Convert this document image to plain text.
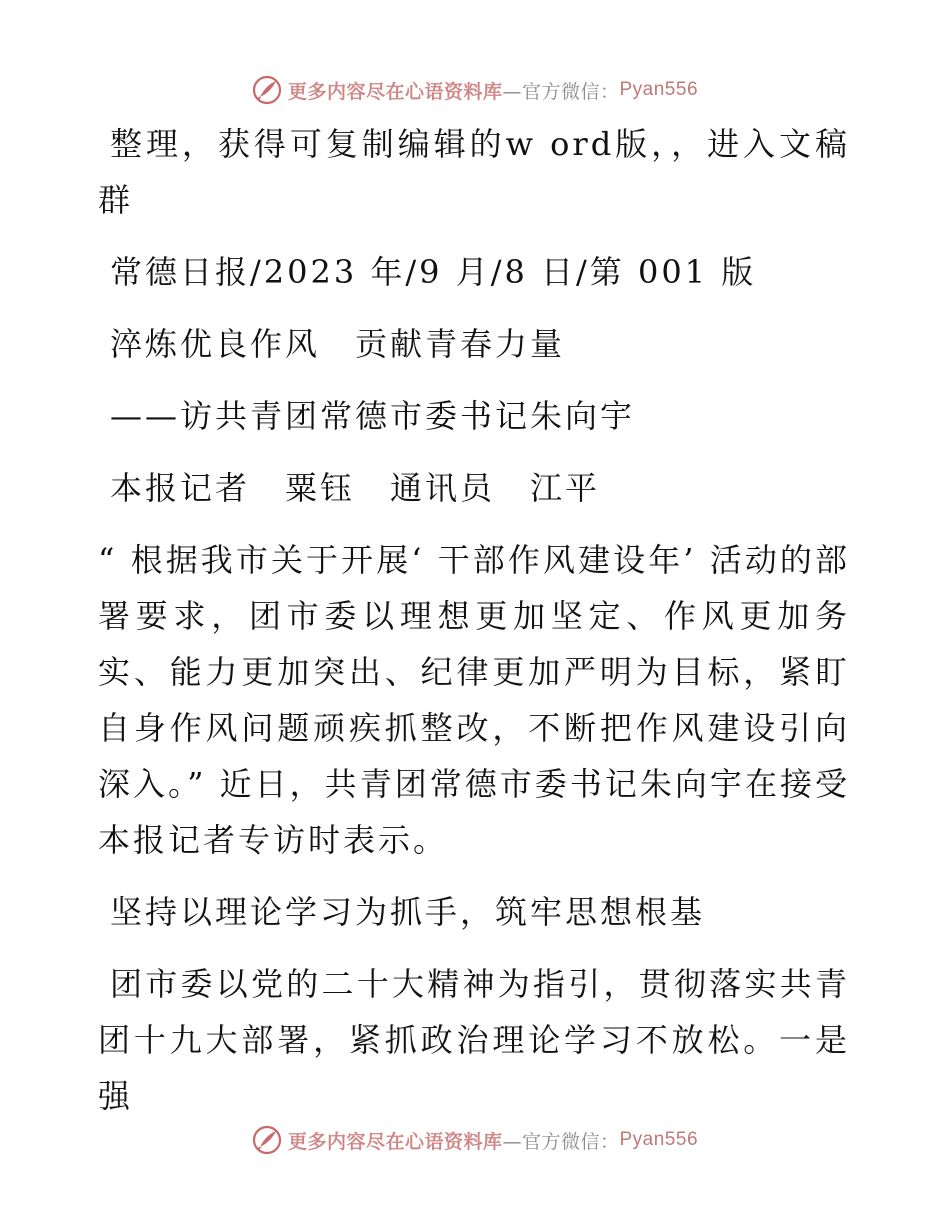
更多内容尽在心语资料库 —官方微信： Pyan556

整理，获得可复制编辑的w ord版，，进入文稿群

常德日报/2023 年/9 月/8 日/第 001 版

淬炼优良作风　贡献青春力量

——访共青团常德市委书记朱向宇

本报记者　粟钰　通讯员　江平

“ 根据我市关于开展‘ 干部作风建设年’ 活动的部署要求，团市委以理想更加坚定、作风更加务实、能力更加突出、纪律更加严明为目标，紧盯自身作风问题顽疾抓整改，不断把作风建设引向深入。” 近日，共青团常德市委书记朱向宇在接受本报记者专访时表示。

坚持以理论学习为抓手，筑牢思想根基

团市委以党的二十大精神为指引，贯彻落实共青团十九大部署，紧抓政治理论学习不放松。一是强

更多内容尽在心语资料库 —官方微信： Pyan556
